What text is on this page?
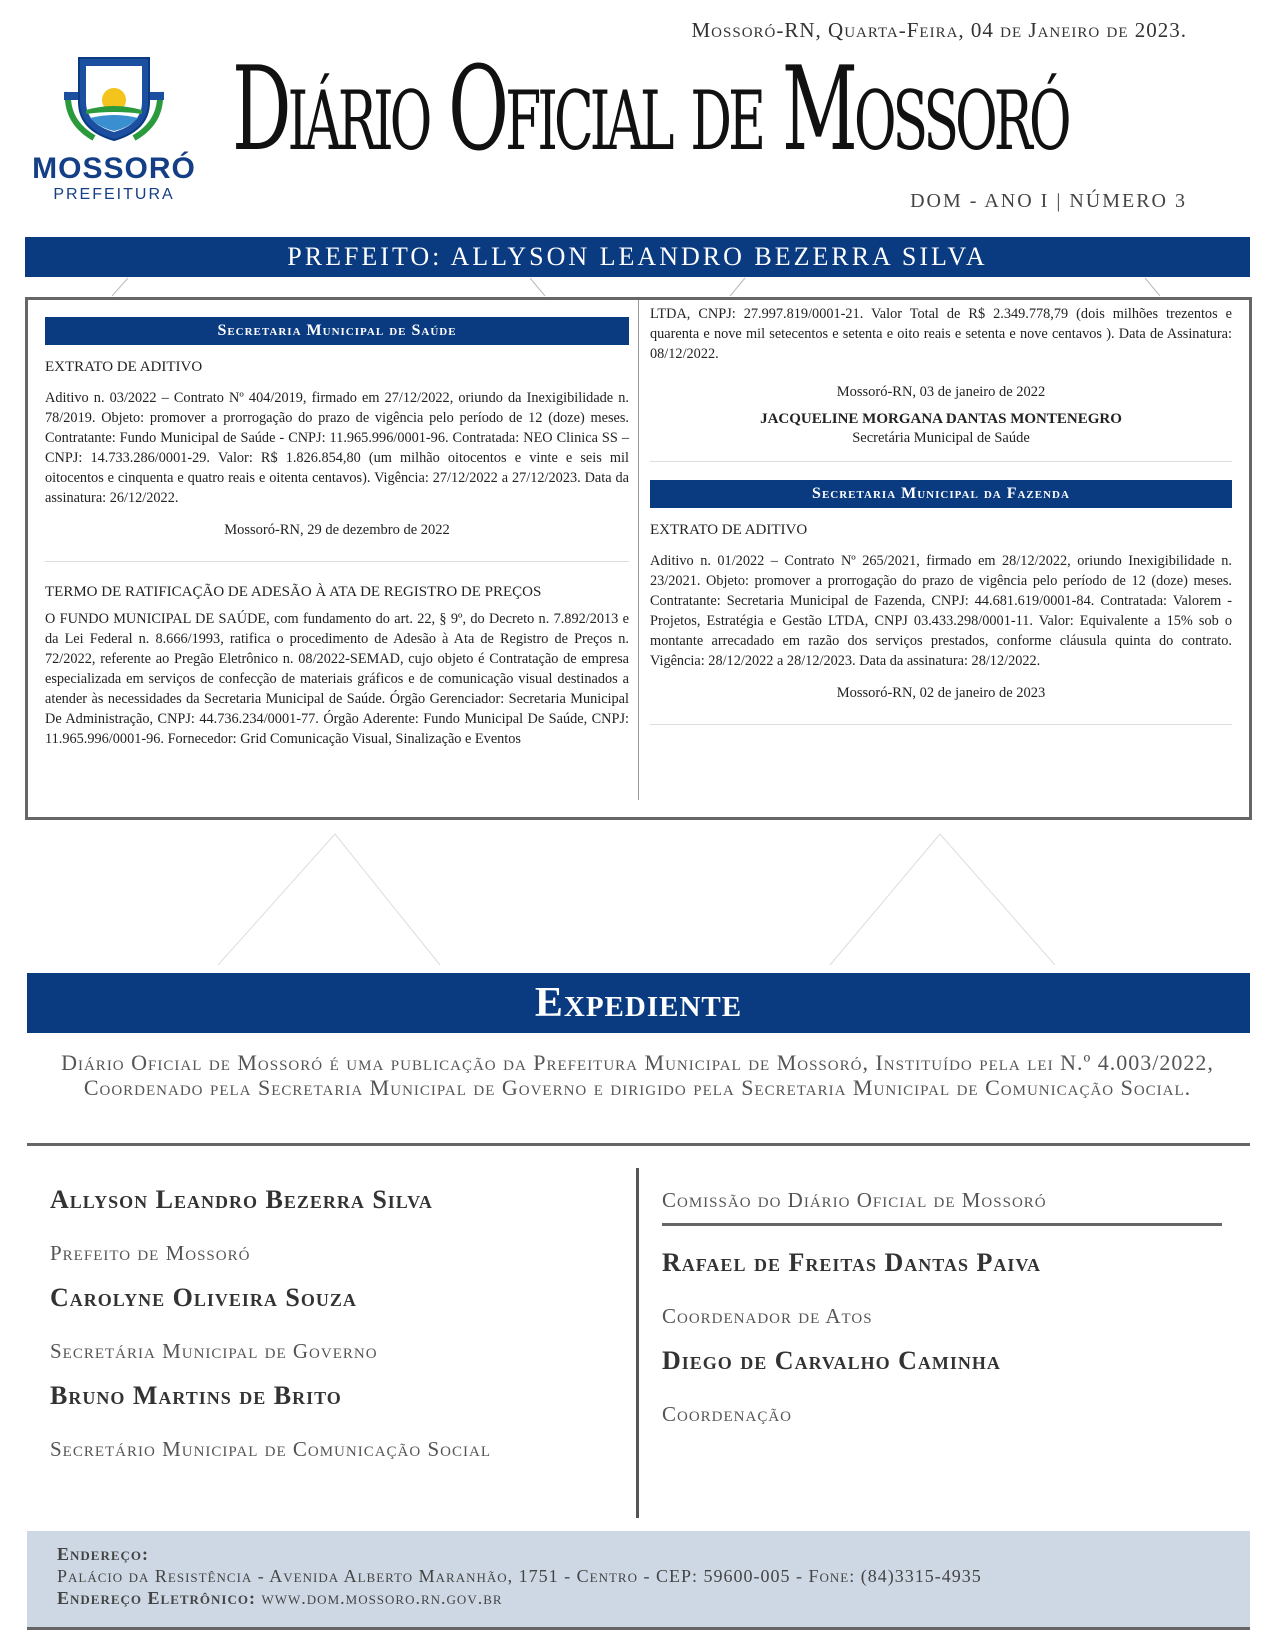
Mossoró-RN, Quarta-Feira, 04 de Janeiro de 2023.
MOSSORÓ
PREFEITURA
Diário Oficial de Mossoró
DOM - ANO I | NÚMERO 3
PREFEITO: ALLYSON LEANDRO BEZERRA SILVA
Secretaria Municipal de Saúde
EXTRATO DE ADITIVO
Aditivo n. 03/2022 – Contrato Nº 404/2019, firmado em 27/12/2022, oriundo da Inexigibilidade n. 78/2019. Objeto: promover a prorrogação do prazo de vigência pelo período de 12 (doze) meses. Contratante: Fundo Municipal de Saúde - CNPJ: 11.965.996/0001-96. Contratada: NEO Clinica SS – CNPJ: 14.733.286/0001-29. Valor: R$ 1.826.854,80 (um milhão oitocentos e vinte e seis mil oitocentos e cinquenta e quatro reais e oitenta centavos). Vigência: 27/12/2022 a 27/12/2023. Data da assinatura: 26/12/2022.
Mossoró-RN, 29 de dezembro de 2022
TERMO DE RATIFICAÇÃO DE ADESÃO À ATA DE REGISTRO DE PREÇOS
O FUNDO MUNICIPAL DE SAÚDE, com fundamento do art. 22, § 9º, do Decreto n. 7.892/2013 e da Lei Federal n. 8.666/1993, ratifica o procedimento de Adesão à Ata de Registro de Preços n. 72/2022, referente ao Pregão Eletrônico n. 08/2022-SEMAD, cujo objeto é Contratação de empresa especializada em serviços de confecção de materiais gráficos e de comunicação visual destinados a atender às necessidades da Secretaria Municipal de Saúde. Órgão Gerenciador: Secretaria Municipal De Administração, CNPJ: 44.736.234/0001-77. Órgão Aderente: Fundo Municipal De Saúde, CNPJ: 11.965.996/0001-96. Fornecedor: Grid Comunicação Visual, Sinalização e Eventos
LTDA, CNPJ: 27.997.819/0001-21. Valor Total de R$ 2.349.778,79 (dois milhões trezentos e quarenta e nove mil setecentos e setenta e oito reais e setenta e nove centavos ). Data de Assinatura: 08/12/2022.
Mossoró-RN, 03 de janeiro de 2022
JACQUELINE MORGANA DANTAS MONTENEGRO
Secretária Municipal de Saúde
Secretaria Municipal da Fazenda
EXTRATO DE ADITIVO
Aditivo n. 01/2022 – Contrato Nº 265/2021, firmado em 28/12/2022, oriundo Inexigibilidade n. 23/2021. Objeto: promover a prorrogação do prazo de vigência pelo período de 12 (doze) meses. Contratante: Secretaria Municipal de Fazenda, CNPJ: 44.681.619/0001-84. Contratada: Valorem - Projetos, Estratégia e Gestão LTDA, CNPJ 03.433.298/0001-11. Valor: Equivalente a 15% sob o montante arrecadado em razão dos serviços prestados, conforme cláusula quinta do contrato. Vigência: 28/12/2022 a 28/12/2023. Data da assinatura: 28/12/2022.
Mossoró-RN, 02 de janeiro de 2023
Expediente
Diário Oficial de Mossoró é uma publicação da Prefeitura Municipal de Mossoró, Instituído pela lei N.º 4.003/2022, Coordenado pela Secretaria Municipal de Governo e dirigido pela Secretaria Municipal de Comunicação Social.
Allyson Leandro Bezerra Silva
Prefeito de Mossoró
Carolyne Oliveira Souza
Secretária Municipal de Governo
Bruno Martins de Brito
Secretário Municipal de Comunicação Social
Comissão do Diário Oficial de Mossoró
Rafael de Freitas Dantas Paiva
Coordenador de Atos
Diego de Carvalho Caminha
Coordenação
Endereço:
Palácio da Resistência - Avenida Alberto Maranhão, 1751 - Centro - CEP: 59600-005 - Fone: (84)3315-4935
Endereço Eletrônico: www.dom.mossoro.rn.gov.br
